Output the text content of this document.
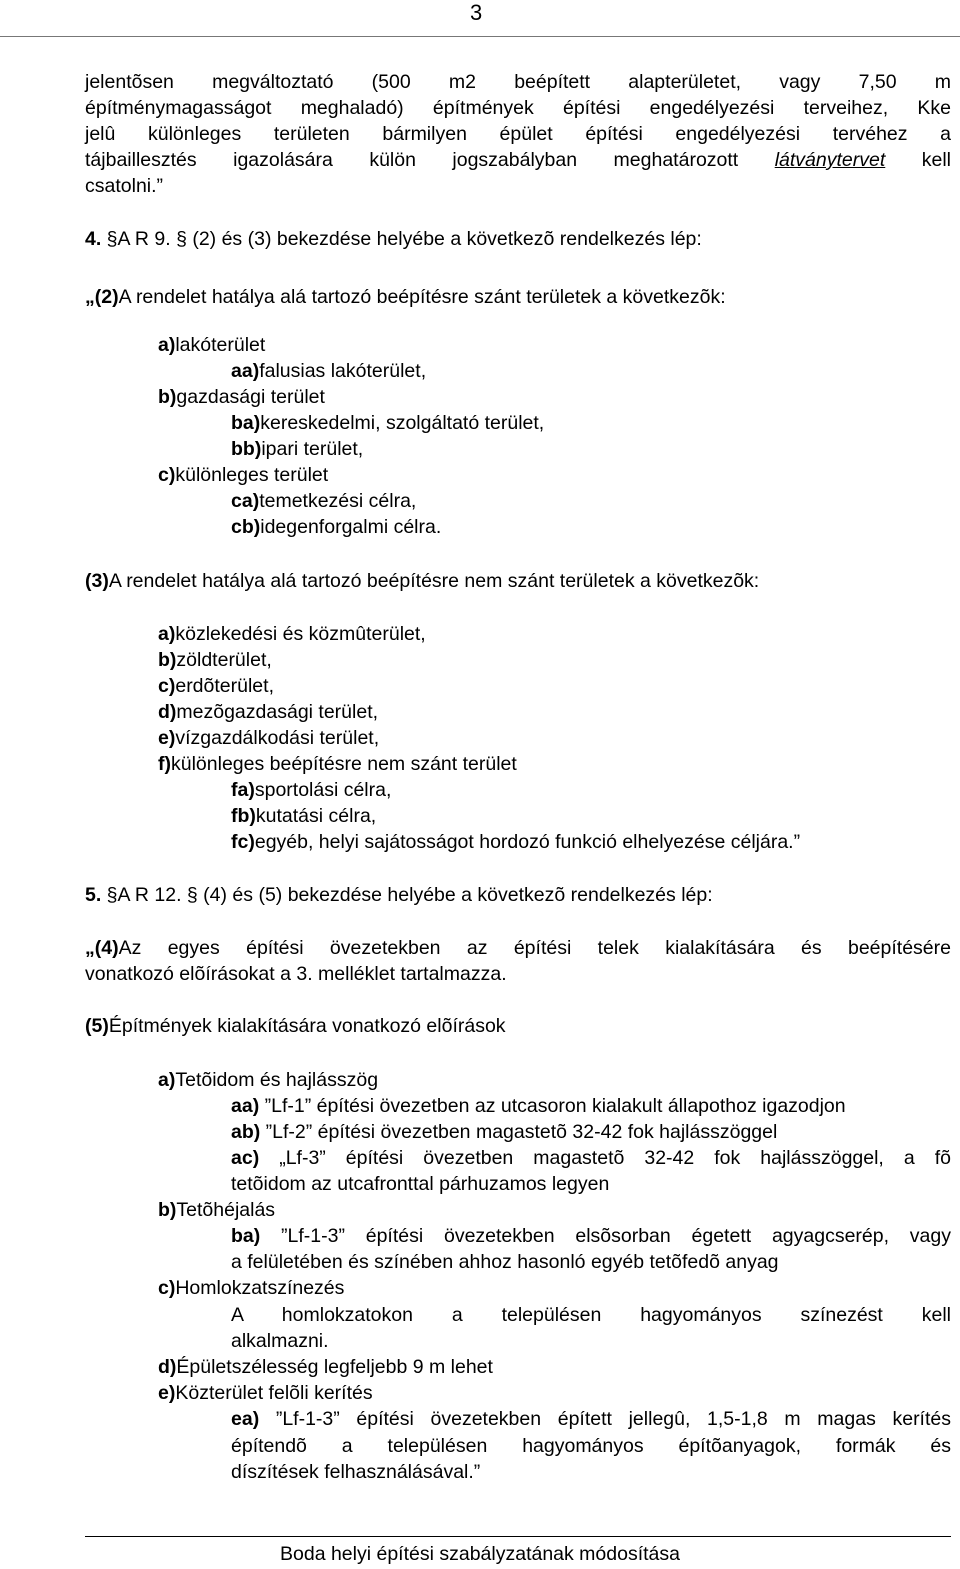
3
jelentõsen megváltoztató (500 m2 beépített alapterületet, vagy 7,50 m
építménymagasságot meghaladó) építmények építési engedélyezési terveihez, Kke
jelû különleges területen bármilyen épület építési engedélyezési tervéhez a
tájbaillesztés igazolására külön jogszabályban meghatározott látványtervet kell
csatolni.”
4. §A R 9. § (2) és (3) bekezdése helyébe a következõ rendelkezés lép:
„(2)A rendelet hatálya alá tartozó beépítésre szánt területek a következõk:
a)lakóterület
aa)falusias lakóterület,
b)gazdasági terület
ba)kereskedelmi, szolgáltató terület,
bb)ipari terület,
c)különleges terület
ca)temetkezési célra,
cb)idegenforgalmi célra.
(3)A rendelet hatálya alá tartozó beépítésre nem szánt területek a következõk:
a)közlekedési és közmûterület,
b)zöldterület,
c)erdõterület,
d)mezõgazdasági terület,
e)vízgazdálkodási terület,
f)különleges beépítésre nem szánt terület
fa)sportolási célra,
fb)kutatási célra,
fc)egyéb, helyi sajátosságot hordozó funkció elhelyezése céljára.”
5. §A R 12. § (4) és (5) bekezdése helyébe a következõ rendelkezés lép:
„(4)Az egyes építési övezetekben az építési telek kialakítására és beépítésére
vonatkozó elõírásokat a 3. melléklet tartalmazza.
(5)Építmények kialakítására vonatkozó elõírások
a)Tetõidom és hajlásszög
aa) ”Lf-1” építési övezetben az utcasoron kialakult állapothoz igazodjon
ab) ”Lf-2” építési övezetben magastetõ 32-42 fok hajlásszöggel
ac) „Lf-3” építési övezetben magastetõ 32-42 fok hajlásszöggel, a fõ
tetõidom az utcafronttal párhuzamos legyen
b)Tetõhéjalás
ba) ”Lf-1-3” építési övezetekben elsõsorban égetett agyagcserép, vagy
a felületében és színében ahhoz hasonló egyéb tetõfedõ anyag
c)Homlokzatszínezés
A homlokzatokon a településen hagyományos színezést kell
alkalmazni.
d)Épületszélesség legfeljebb 9 m lehet
e)Közterület felõli kerítés
ea) ”Lf-1-3” építési övezetekben épített jellegû, 1,5-1,8 m magas kerítés
építendõ a településen hagyományos építõanyagok, formák és
díszítések felhasználásával.”
Boda helyi építési szabályzatának módosítása
